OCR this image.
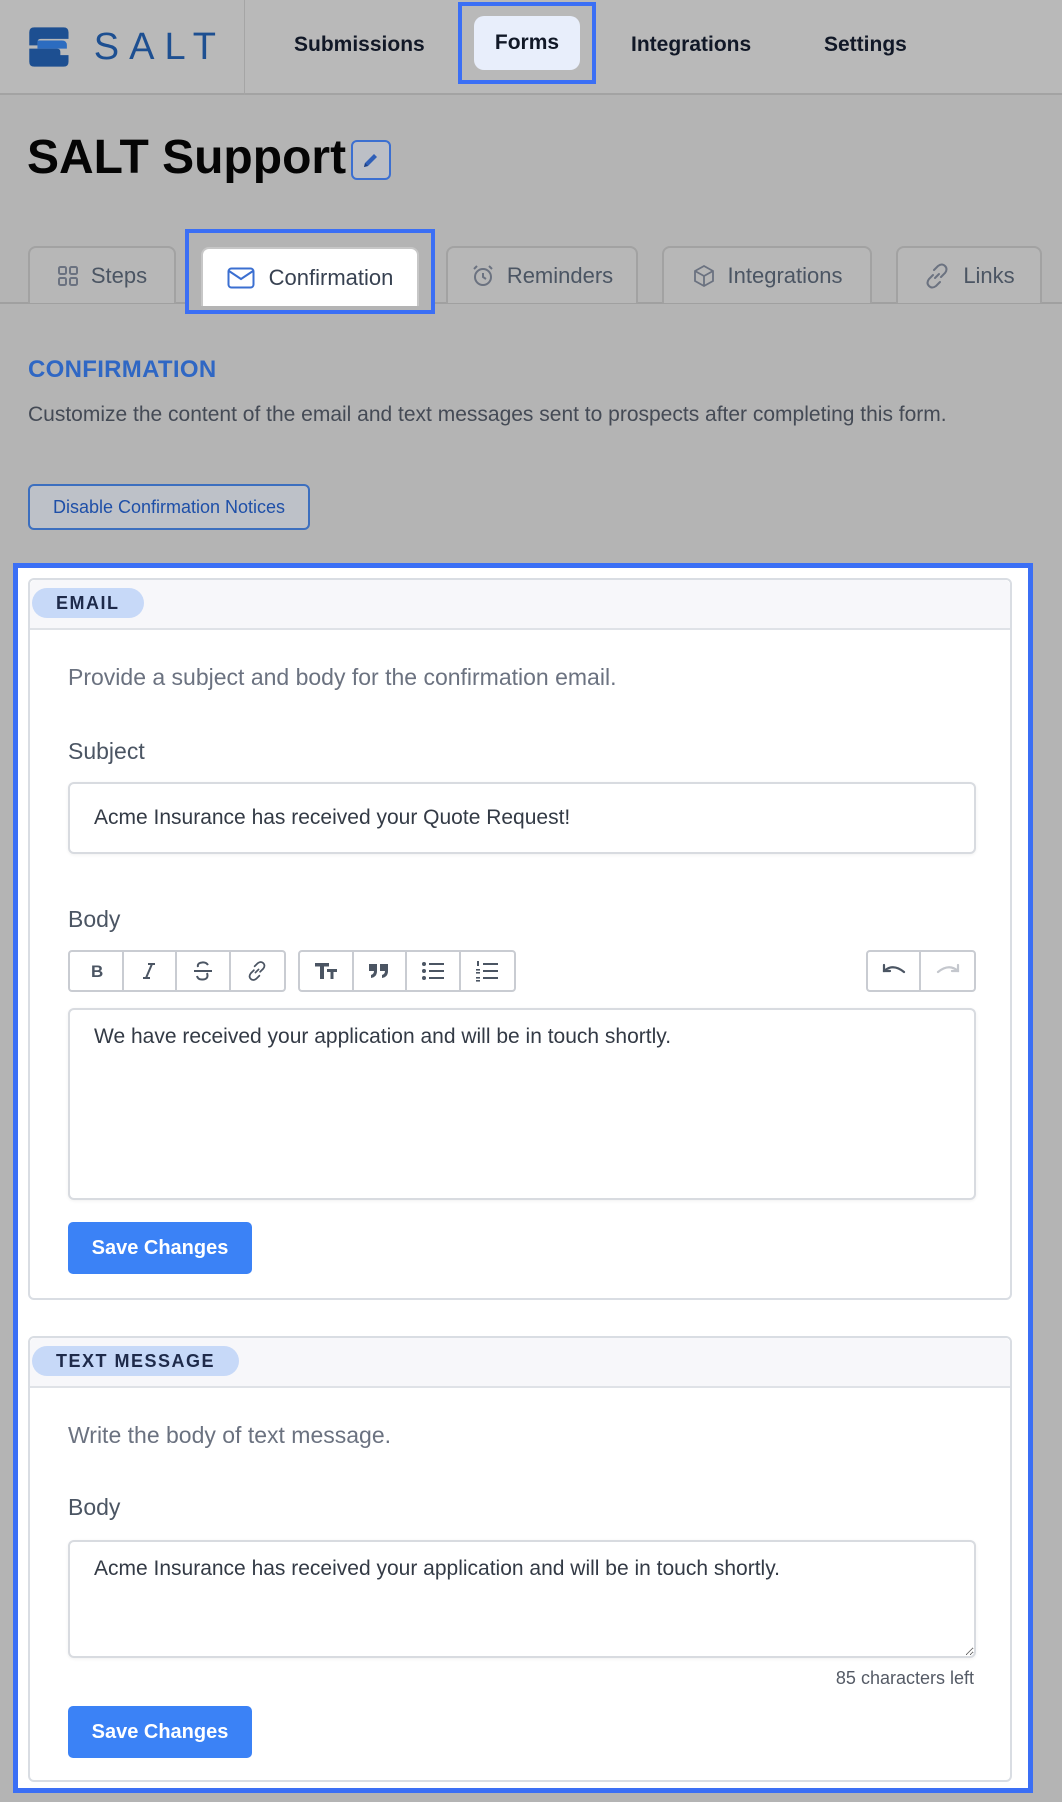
SALT	Submissions	Forms	Integrations	Settings
SALT Support
Steps	Confirmation	Reminders	Integrations	Links
CONFIRMATION
Customize the content of the email and text messages sent to prospects after completing this form.
Disable Confirmation Notices
EMAIL
Provide a subject and body for the confirmation email.
Subject
Acme Insurance has received your Quote Request!
Body
B
We have received your application and will be in touch shortly.
Save Changes
TEXT MESSAGE
Write the body of text message.
Body
Acme Insurance has received your application and will be in touch shortly.
85 characters left
Save Changes
